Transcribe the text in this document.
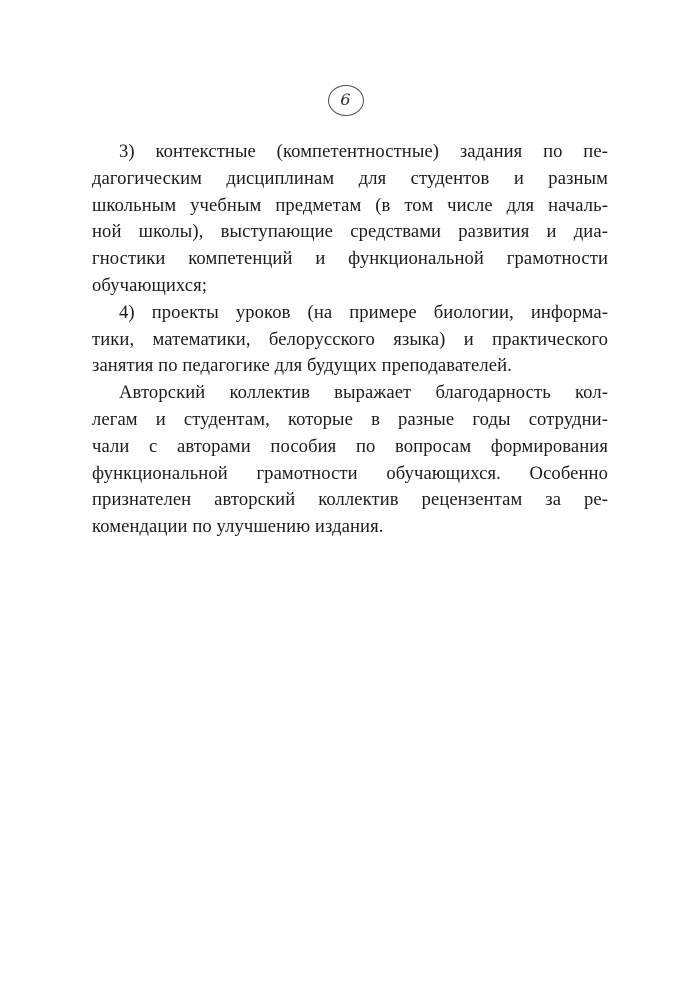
6
3) контекстные (компетентностные) задания по пе-
дагогическим дисциплинам для студентов и разным
школьным учебным предметам (в том числе для началь-
ной школы), выступающие средствами развития и диа-
гностики компетенций и функциональной грамотности
обучающихся;
4) проекты уроков (на примере биологии, информа-
тики, математики, белорусского языка) и практического
занятия по педагогике для будущих преподавателей.
Авторский коллектив выражает благодарность кол-
легам и студентам, которые в разные годы сотрудни-
чали с авторами пособия по вопросам формирования
функциональной грамотности обучающихся. Особенно
признателен авторский коллектив рецензентам за ре-
комендации по улучшению издания.
